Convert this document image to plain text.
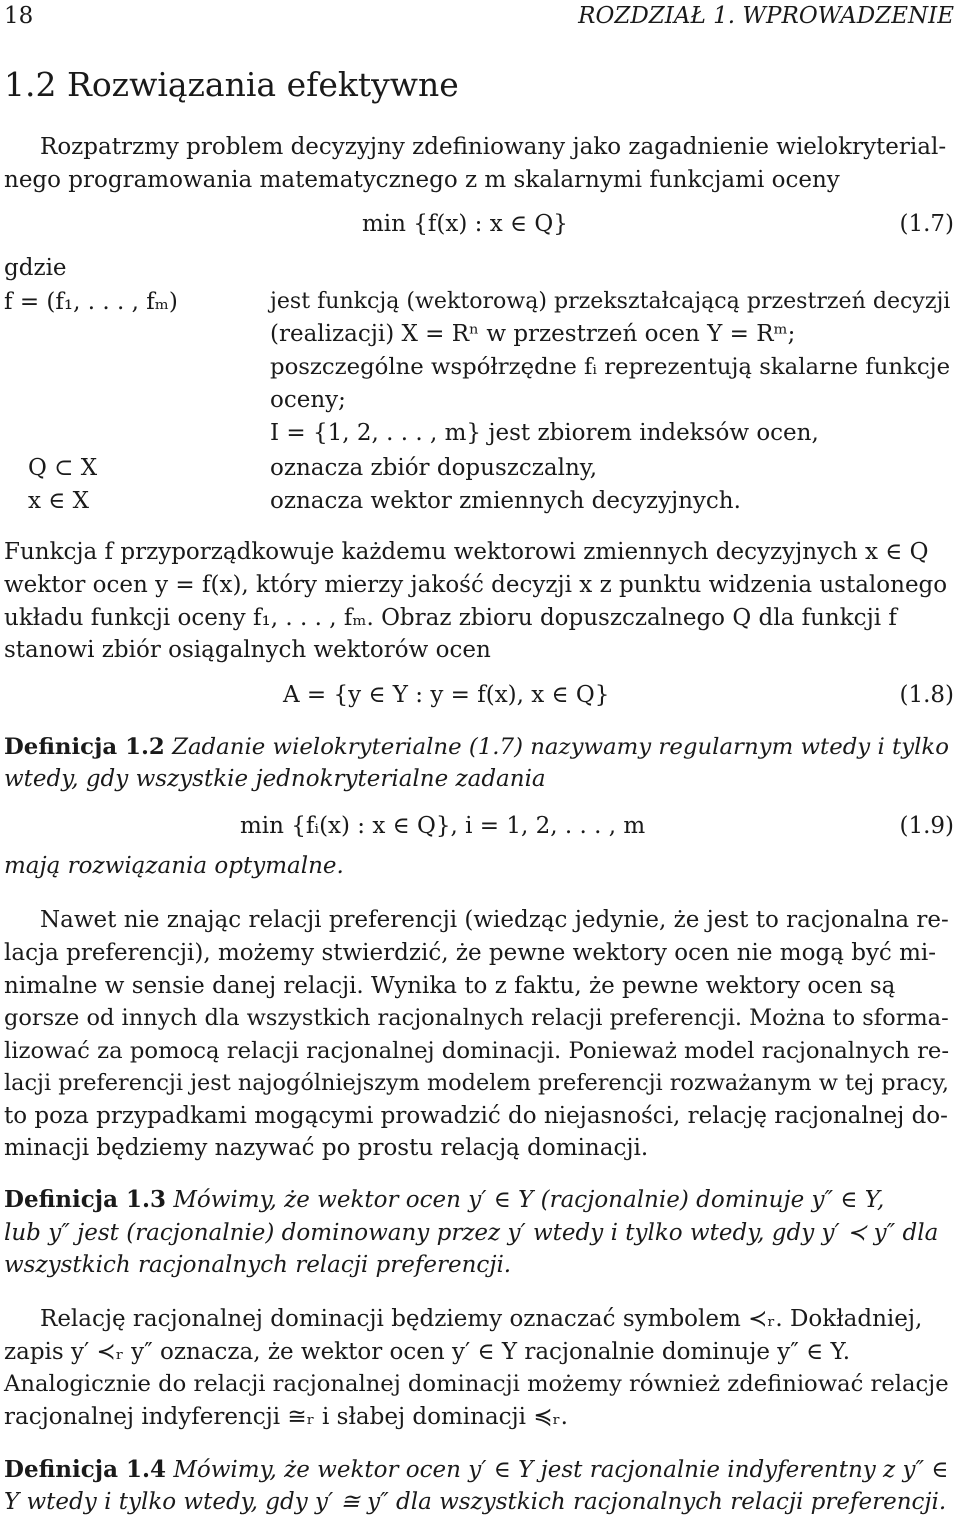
18	ROZDZIAŁ 1. WPROWADZENIE
1.2 Rozwiązania efektywne
Rozpatrzmy problem decyzyjny zdefiniowany jako zagadnienie wielokryterial-
nego programowania matematycznego z m skalarnymi funkcjami oceny
min {f(x) : x ∈ Q}	(1.7)
gdzie
f = (f₁, . . . , fₘ)	jest funkcją (wektorową) przekształcającą przestrzeń decyzji
(realizacji) X = Rⁿ w przestrzeń ocen Y = Rᵐ;
poszczególne współrzędne fᵢ reprezentują skalarne funkcje
oceny;
I = {1, 2, . . . , m} jest zbiorem indeksów ocen,
Q ⊂ X	oznacza zbiór dopuszczalny,
x ∈ X	oznacza wektor zmiennych decyzyjnych.
Funkcja f przyporządkowuje każdemu wektorowi zmiennych decyzyjnych x ∈ Q
wektor ocen y = f(x), który mierzy jakość decyzji x z punktu widzenia ustalonego
układu funkcji oceny f₁, . . . , fₘ. Obraz zbioru dopuszczalnego Q dla funkcji f
stanowi zbiór osiągalnych wektorów ocen
A = {y ∈ Y : y = f(x), x ∈ Q}	(1.8)
Definicja 1.2 Zadanie wielokryterialne (1.7) nazywamy regularnym wtedy i tylko
wtedy, gdy wszystkie jednokryterialne zadania
min {fᵢ(x) : x ∈ Q}, i = 1, 2, . . . , m	(1.9)
mają rozwiązania optymalne.
Nawet nie znając relacji preferencji (wiedząc jedynie, że jest to racjonalna re-
lacja preferencji), możemy stwierdzić, że pewne wektory ocen nie mogą być mi-
nimalne w sensie danej relacji. Wynika to z faktu, że pewne wektory ocen są
gorsze od innych dla wszystkich racjonalnych relacji preferencji. Można to sforma-
lizować za pomocą relacji racjonalnej dominacji. Ponieważ model racjonalnych re-
lacji preferencji jest najogólniejszym modelem preferencji rozważanym w tej pracy,
to poza przypadkami mogącymi prowadzić do niejasności, relację racjonalnej do-
minacji będziemy nazywać po prostu relacją dominacji.
Definicja 1.3 Mówimy, że wektor ocen y′ ∈ Y (racjonalnie) dominuje y″ ∈ Y,
lub y″ jest (racjonalnie) dominowany przez y′ wtedy i tylko wtedy, gdy y′ ≺ y″ dla
wszystkich racjonalnych relacji preferencji.
Relację racjonalnej dominacji będziemy oznaczać symbolem ≺ᵣ. Dokładniej,
zapis y′ ≺ᵣ y″ oznacza, że wektor ocen y′ ∈ Y racjonalnie dominuje y″ ∈ Y.
Analogicznie do relacji racjonalnej dominacji możemy również zdefiniować relacje
racjonalnej indyferencji ≅ᵣ i słabej dominacji ≼ᵣ.
Definicja 1.4 Mówimy, że wektor ocen y′ ∈ Y jest racjonalnie indyferentny z y″ ∈
Y wtedy i tylko wtedy, gdy y′ ≅ y″ dla wszystkich racjonalnych relacji preferencji.
